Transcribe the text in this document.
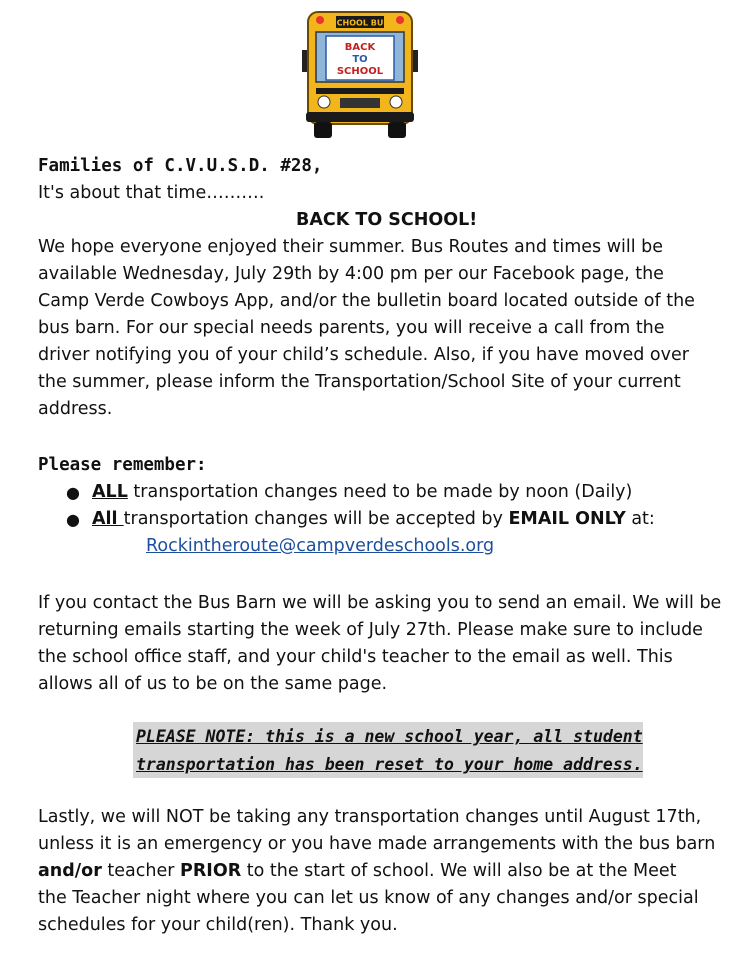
SCHOOL BUS
BACK
TO
SCHOOL
Families of C.V.U.S.D. #28,
It's about that time……….
BACK TO SCHOOL!
We hope everyone enjoyed their summer. Bus Routes and times will be
available Wednesday, July 29th by 4:00 pm per our Facebook page, the
Camp Verde Cowboys App, and/or the bulletin board located outside of the
bus barn. For our special needs parents, you will receive a call from the
driver notifying you of your child’s schedule. Also, if you have moved over
the summer, please inform the Transportation/School Site of your current
address.
Please remember:
● ALL transportation changes need to be made by noon (Daily)
● All transportation changes will be accepted by EMAIL ONLY at:
Rockintheroute@campverdeschools.org
If you contact the Bus Barn we will be asking you to send an email. We will be
returning emails starting the week of July 27th. Please make sure to include
the school office staff, and your child's teacher to the email as well. This
allows all of us to be on the same page.
PLEASE NOTE: this is a new school year, all student
transportation has been reset to your home address.
Lastly, we will NOT be taking any transportation changes until August 17th,
unless it is an emergency or you have made arrangements with the bus barn
and/or teacher PRIOR to the start of school. We will also be at the Meet
the Teacher night where you can let us know of any changes and/or special
schedules for your child(ren). Thank you.
